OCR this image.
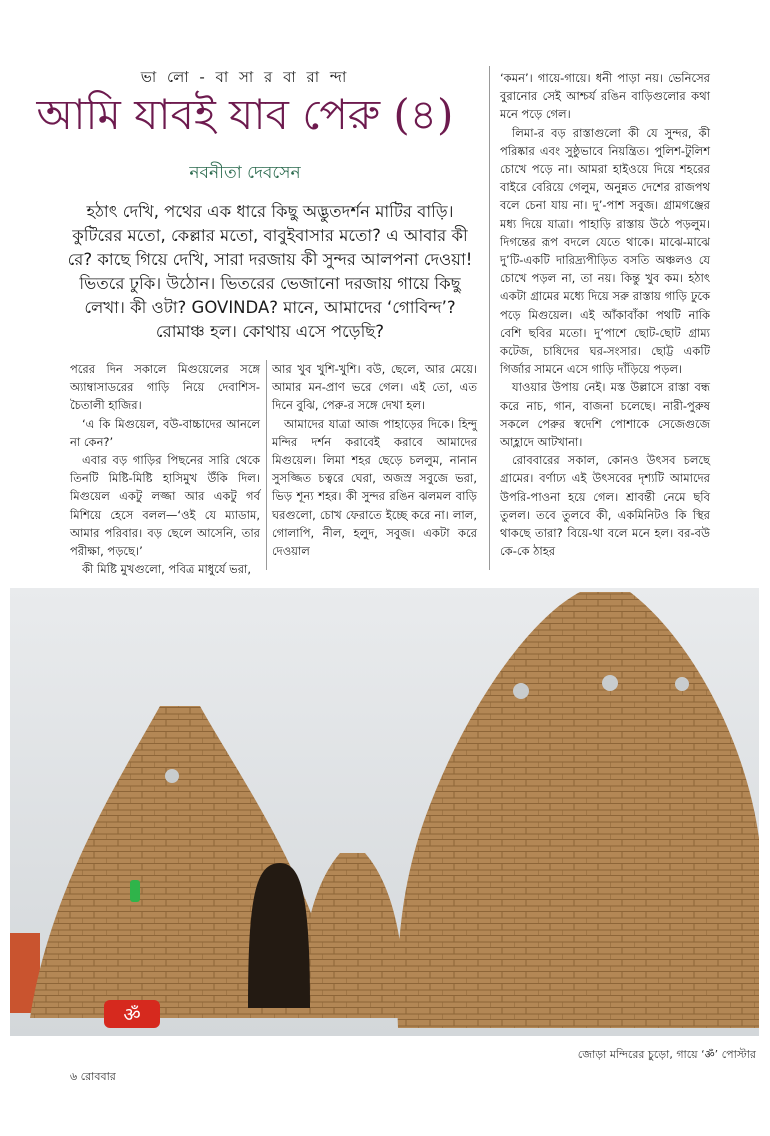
ভা লো - বা সা র বা রা ন্দা
আমি যাবই যাব পেরু (৪)
নবনীতা দেবসেন
হঠাৎ দেখি, পথের এক ধারে কিছু অদ্ভুতদর্শন মাটির বাড়ি। কুটিরের মতো, কেল্লার মতো, বাবুইবাসার মতো? এ আবার কী রে? কাছে গিয়ে দেখি, সারা দরজায় কী সুন্দর আলপনা দেওয়া! ভিতরে ঢুকি। উঠোন। ভিতরের ভেজানো দরজায় গায়ে কিছু লেখা। কী ওটা? GOVINDA? মানে, আমাদের ‘গোবিন্দ’? রোমাঞ্চ হল। কোথায় এসে পড়েছি?

পরের দিন সকালে মিগুয়েলের সঙ্গে অ্যাম্বাসাডরের গাড়ি নিয়ে দেবাশিস-চৈতালী হাজির।

‘এ কি মিগুয়েল, বউ-বাচ্চাদের আনলে না কেন?’

এবার বড় গাড়ির পিছনের সারি থেকে তিনটি মিষ্টি-মিষ্টি হাসিমুখ উঁকি দিল। মিগুয়েল একটু লজ্জা আর একটু গর্ব মিশিয়ে হেসে বলল—‘ওই যে ম্যাডাম, আমার পরিবার। বড় ছেলে আসেনি, তার পরীক্ষা, পড়ছে।’

কী মিষ্টি মুখগুলো, পবিত্র মাধুর্যে ভরা,

আর খুব খুশি-খুশি। বউ, ছেলে, আর মেয়ে। আমার মন-প্রাণ ভরে গেল। এই তো, এত দিনে বুঝি, পেরু-র সঙ্গে দেখা হল।

আমাদের যাত্রা আজ পাহাড়ের দিকে। হিন্দু মন্দির দর্শন করাবেই করাবে আমাদের মিগুয়েল। লিমা শহর ছেড়ে চললুম, নানান সুসজ্জিত চত্বরে ঘেরা, অজস্র সবুজে ভরা, ভিড় শূন্য শহর। কী সুন্দর রঙিন ঝলমল বাড়ি ঘরগুলো, চোখ ফেরাতে ইচ্ছে করে না। লাল, গোলাপি, নীল, হলুদ, সবুজ। একটা করে দেওয়াল

‘কমন’। গায়ে-গায়ে। ধনী পাড়া নয়। ভেনিসের বুরানোর সেই আশ্চর্য রঙিন বাড়িগুলোর কথা মনে পড়ে গেল।

লিমা-র বড় রাস্তাগুলো কী যে সুন্দর, কী পরিষ্কার এবং সুষ্ঠুভাবে নিয়ন্ত্রিত। পুলিশ-টুলিশ চোখে পড়ে না। আমরা হাইওয়ে দিয়ে শহরের বাইরে বেরিয়ে গেলুম, অনুন্নত দেশের রাজপথ বলে চেনা যায় না। দু’-পাশ সবুজ। গ্রামগঞ্জের মধ্য দিয়ে যাত্রা। পাহাড়ি রাস্তায় উঠে পড়লুম। দিগন্তের রূপ বদলে যেতে থাকে। মাঝে-মাঝে দু’টি-একটি দারিদ্র্যপীড়িত বসতি অঞ্চলও যে চোখে পড়ল না, তা নয়। কিন্তু খুব কম। হঠাৎ একটা গ্রামের মধ্যে দিয়ে সরু রাস্তায় গাড়ি ঢুকে পড়ে মিগুয়েল। এই আঁকাবাঁকা পথটি নাকি বেশি ছবির মতো। দু’পাশে ছোট-ছোট গ্রাম্য কটেজ, চাষিদের ঘর-সংসার। ছোট্ট একটি গির্জার সামনে এসে গাড়ি দাঁড়িয়ে পড়ল।

যাওয়ার উপায় নেই। মস্ত উল্লাসে রাস্তা বন্ধ করে নাচ, গান, বাজনা চলেছে। নারী-পুরুষ সকলে পেরুর স্বদেশি পোশাকে সেজেগুজে আহ্লাদে আটখানা।

রোববারের সকাল, কোনও উৎসব চলছে গ্রামের। বর্ণাঢ্য এই উৎসবের দৃশ্যটি আমাদের উপরি-পাওনা হয়ে গেল। শ্রাবন্তী নেমে ছবি তুলল। তবে তুলবে কী, একমিনিটও কি স্থির থাকছে তারা? বিয়ে-থা বলে মনে হল। বর-বউ কে-কে ঠাহর

ॐ
জোড়া মন্দিরের চুড়ো, গায়ে ‘ॐ’ পোস্টার
৬ রোববার
